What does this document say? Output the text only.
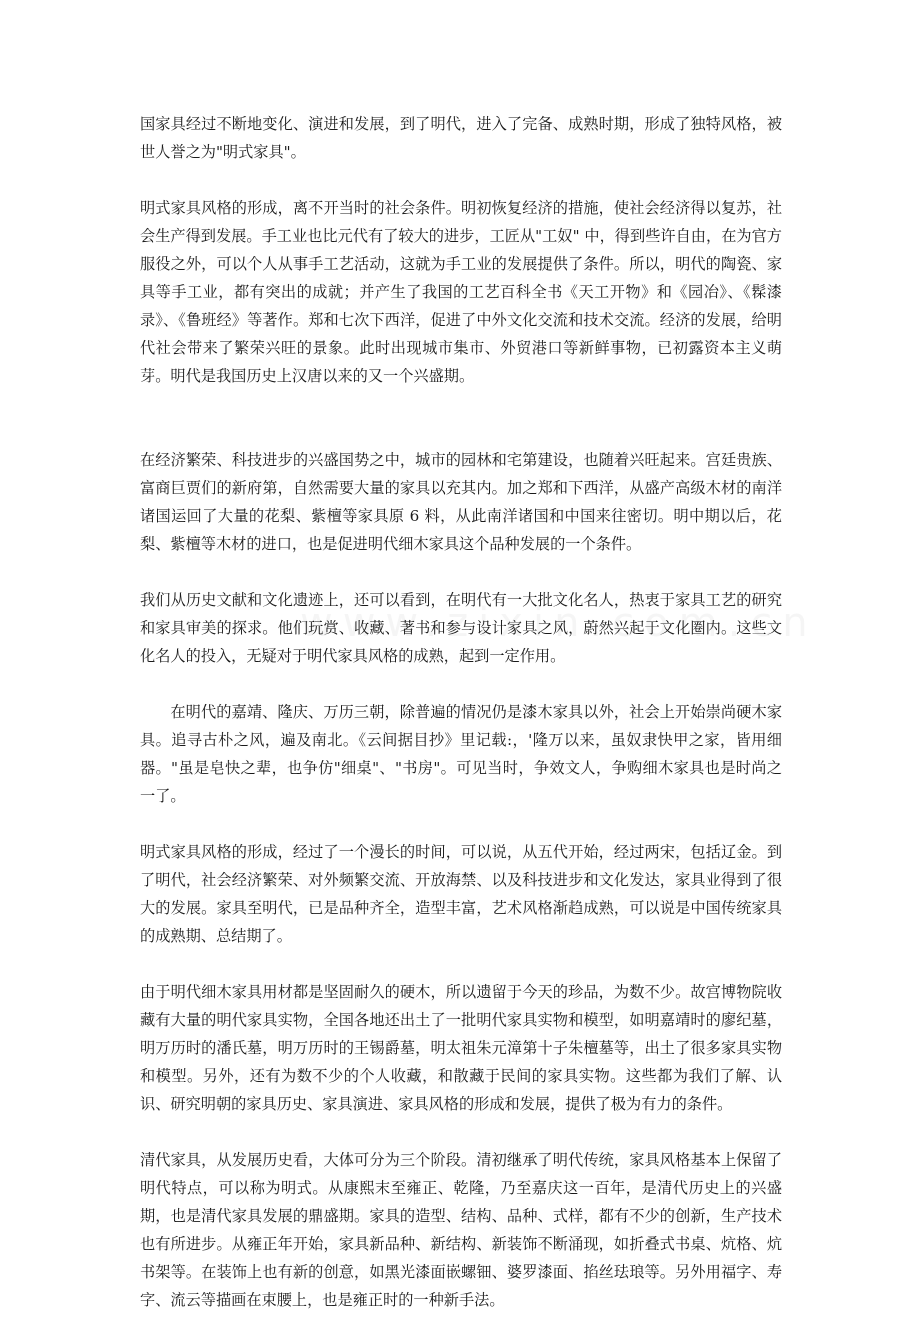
国家具经过不断地变化、演进和发展，到了明代，进入了完备、成熟时期，形成了独特风格，被世人誉之为"明式家具"。

明式家具风格的形成，离不开当时的社会条件。明初恢复经济的措施，使社会经济得以复苏，社会生产得到发展。手工业也比元代有了较大的进步，工匠从"工奴" 中，得到些许自由，在为官方服役之外，可以个人从事手工艺活动，这就为手工业的发展提供了条件。所以，明代的陶瓷、家具等手工业，都有突出的成就；并产生了我国的工艺百科全书《天工开物》和《园冶》、《髹漆录》、《鲁班经》等著作。郑和七次下西洋，促进了中外文化交流和技术交流。经济的发展，给明代社会带来了繁荣兴旺的景象。此时出现城市集市、外贸港口等新鲜事物，已初露资本主义萌芽。明代是我国历史上汉唐以来的又一个兴盛期。

在经济繁荣、科技进步的兴盛国势之中，城市的园林和宅第建设，也随着兴旺起来。宫廷贵族、富商巨贾们的新府第，自然需要大量的家具以充其内。加之郑和下西洋，从盛产高级木材的南洋诸国运回了大量的花梨、紫檀等家具原 6 料，从此南洋诸国和中国来往密切。明中期以后，花梨、紫檀等木材的进口，也是促进明代细木家具这个品种发展的一个条件。

我们从历史文献和文化遗迹上，还可以看到，在明代有一大批文化名人，热衷于家具工艺的研究和家具审美的探求。他们玩赏、收藏、著书和参与设计家具之风，蔚然兴起于文化圈内。这些文化名人的投入，无疑对于明代家具风格的成熟，起到一定作用。

在明代的嘉靖、隆庆、万历三朝，除普遍的情况仍是漆木家具以外，社会上开始崇尚硬木家具。追寻古朴之风，遍及南北。《云间据目抄》里记载:，'隆万以来，虽奴隶快甲之家，皆用细器。"虽是皂快之辈，也争仿"细桌"、"书房"。可见当时，争效文人，争购细木家具也是时尚之一了。

明式家具风格的形成，经过了一个漫长的时间，可以说，从五代开始，经过两宋，包括辽金。到了明代，社会经济繁荣、对外频繁交流、开放海禁、以及科技进步和文化发达，家具业得到了很大的发展。家具至明代，已是品种齐全，造型丰富，艺术风格渐趋成熟，可以说是中国传统家具的成熟期、总结期了。

由于明代细木家具用材都是坚固耐久的硬木，所以遗留于今天的珍品，为数不少。故宫博物院收藏有大量的明代家具实物，全国各地还出土了一批明代家具实物和模型，如明嘉靖时的廖纪墓，明万历时的潘氏墓，明万历时的王锡爵墓，明太祖朱元漳第十子朱檀墓等，出土了很多家具实物和模型。另外，还有为数不少的个人收藏，和散藏于民间的家具实物。这些都为我们了解、认识、研究明朝的家具历史、家具演进、家具风格的形成和发展，提供了极为有力的条件。

清代家具，从发展历史看，大体可分为三个阶段。清初继承了明代传统，家具风格基本上保留了明代特点，可以称为明式。从康熙末至雍正、乾隆，乃至嘉庆这一百年，是清代历史上的兴盛期，也是清代家具发展的鼎盛期。家具的造型、结构、品种、式样，都有不少的创新，生产技术也有所进步。从雍正年开始，家具新品种、新结构、新装饰不断涌现，如折叠式书桌、炕格、炕书架等。在装饰上也有新的创意，如黑光漆面嵌螺钿、婆罗漆面、掐丝珐琅等。另外用福字、寿字、流云等描画在束腰上，也是雍正时的一种新手法。
